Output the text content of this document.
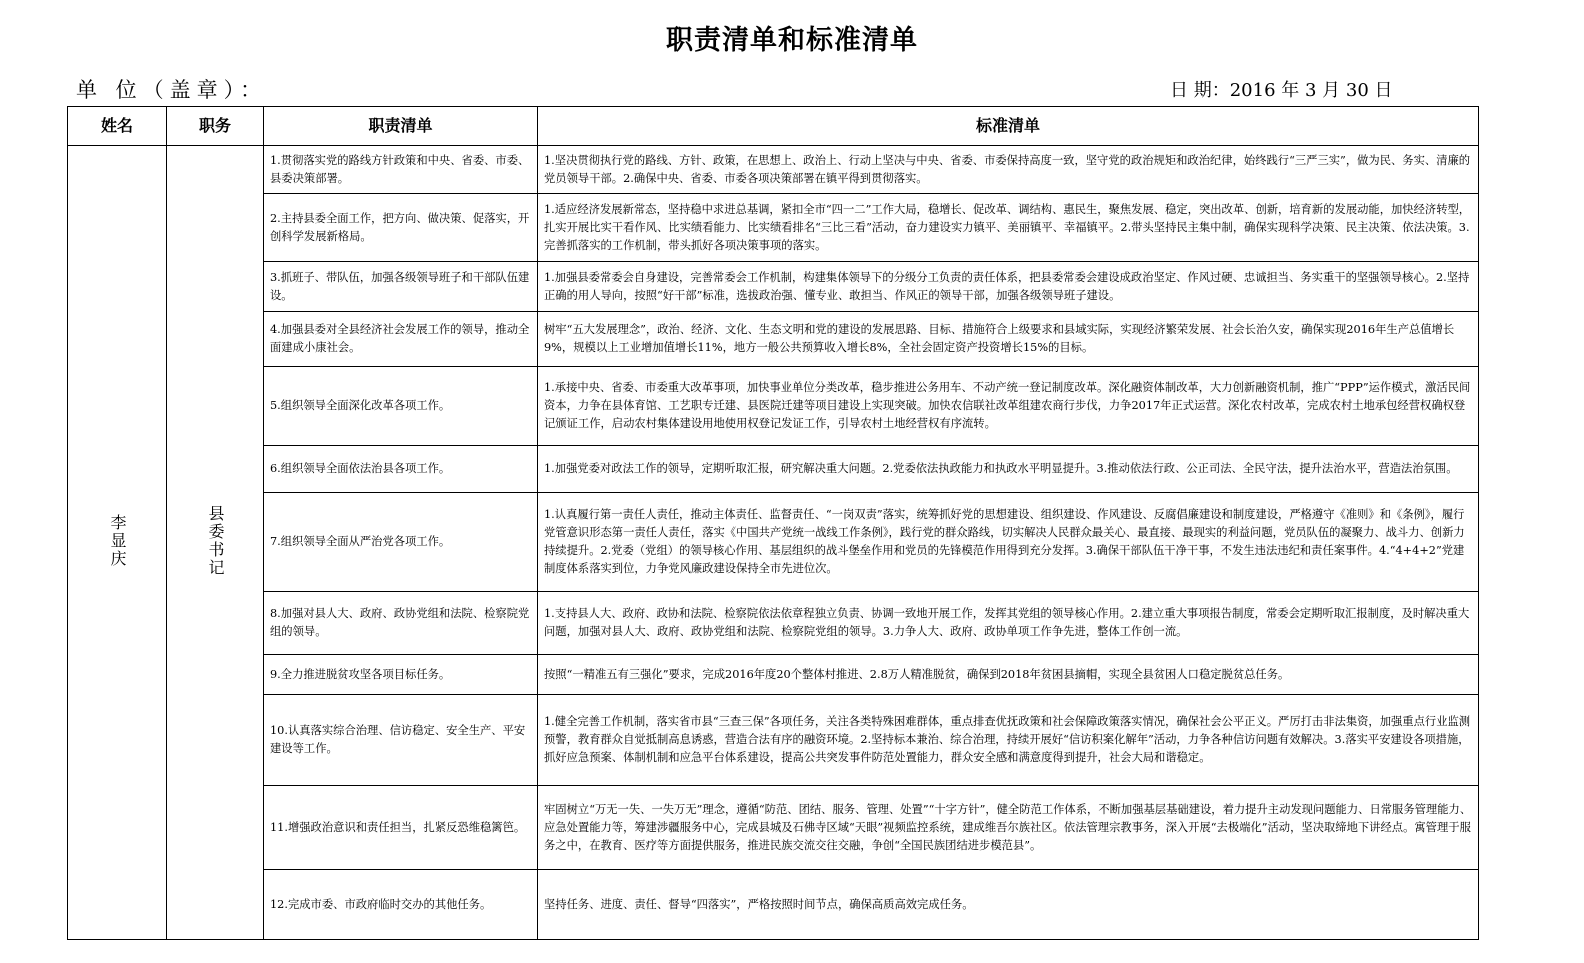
职责清单和标准清单
单 位（盖章）：	日 期：2016 年 3 月 30 日
姓名	职务	职责清单	标准清单
李显庆	县委书记	1.贯彻落实党的路线方针政策和中央、省委、市委、县委决策部署。	1.坚决贯彻执行党的路线、方针、政策，在思想上、政治上、行动上坚决与中央、省委、市委保持高度一致，坚守党的政治规矩和政治纪律，始终践行“三严三实”，做为民、务实、清廉的党员领导干部。2.确保中央、省委、市委各项决策部署在镇平得到贯彻落实。
		2.主持县委全面工作，把方向、做决策、促落实，开创科学发展新格局。	1.适应经济发展新常态，坚持稳中求进总基调，紧扣全市“四一二”工作大局，稳增长、促改革、调结构、惠民生，聚焦发展、稳定，突出改革、创新，培育新的发展动能，加快经济转型，扎实开展比实干看作风、比实绩看能力、比实绩看排名“三比三看”活动，奋力建设实力镇平、美丽镇平、幸福镇平。2.带头坚持民主集中制，确保实现科学决策、民主决策、依法决策。3.完善抓落实的工作机制，带头抓好各项决策事项的落实。
		3.抓班子、带队伍，加强各级领导班子和干部队伍建设。	1.加强县委常委会自身建设，完善常委会工作机制，构建集体领导下的分级分工负责的责任体系，把县委常委会建设成政治坚定、作风过硬、忠诚担当、务实重干的坚强领导核心。2.坚持正确的用人导向，按照“好干部”标准，选拔政治强、懂专业、敢担当、作风正的领导干部，加强各级领导班子建设。
		4.加强县委对全县经济社会发展工作的领导，推动全面建成小康社会。	树牢“五大发展理念”，政治、经济、文化、生态文明和党的建设的发展思路、目标、措施符合上级要求和县域实际，实现经济繁荣发展、社会长治久安，确保实现2016年生产总值增长9%，规模以上工业增加值增长11%，地方一般公共预算收入增长8%，全社会固定资产投资增长15%的目标。
		5.组织领导全面深化改革各项工作。	1.承接中央、省委、市委重大改革事项，加快事业单位分类改革，稳步推进公务用车、不动产统一登记制度改革。深化融资体制改革，大力创新融资机制，推广“PPP”运作模式，激活民间资本，力争在县体育馆、工艺职专迁建、县医院迁建等项目建设上实现突破。加快农信联社改革组建农商行步伐，力争2017年正式运营。深化农村改革，完成农村土地承包经营权确权登记颁证工作，启动农村集体建设用地使用权登记发证工作，引导农村土地经营权有序流转。
		6.组织领导全面依法治县各项工作。	1.加强党委对政法工作的领导，定期听取汇报，研究解决重大问题。2.党委依法执政能力和执政水平明显提升。3.推动依法行政、公正司法、全民守法，提升法治水平，营造法治氛围。
		7.组织领导全面从严治党各项工作。	1.认真履行第一责任人责任，推动主体责任、监督责任、“一岗双责”落实，统筹抓好党的思想建设、组织建设、作风建设、反腐倡廉建设和制度建设，严格遵守《准则》和《条例》，履行党管意识形态第一责任人责任，落实《中国共产党统一战线工作条例》，践行党的群众路线，切实解决人民群众最关心、最直接、最现实的利益问题，党员队伍的凝聚力、战斗力、创新力持续提升。2.党委（党组）的领导核心作用、基层组织的战斗堡垒作用和党员的先锋模范作用得到充分发挥。3.确保干部队伍干净干事，不发生违法违纪和责任案事件。4.“4+4+2”党建制度体系落实到位，力争党风廉政建设保持全市先进位次。
		8.加强对县人大、政府、政协党组和法院、检察院党组的领导。	1.支持县人大、政府、政协和法院、检察院依法依章程独立负责、协调一致地开展工作，发挥其党组的领导核心作用。2.建立重大事项报告制度，常委会定期听取汇报制度，及时解决重大问题，加强对县人大、政府、政协党组和法院、检察院党组的领导。3.力争人大、政府、政协单项工作争先进，整体工作创一流。
		9.全力推进脱贫攻坚各项目标任务。	按照“一精准五有三强化”要求，完成2016年度20个整体村推进、2.8万人精准脱贫，确保到2018年贫困县摘帽，实现全县贫困人口稳定脱贫总任务。
		10.认真落实综合治理、信访稳定、安全生产、平安建设等工作。	1.健全完善工作机制，落实省市县“三查三保”各项任务，关注各类特殊困难群体，重点排查优抚政策和社会保障政策落实情况，确保社会公平正义。严厉打击非法集资，加强重点行业监测预警，教育群众自觉抵制高息诱惑，营造合法有序的融资环境。2.坚持标本兼治、综合治理，持续开展好“信访积案化解年”活动，力争各种信访问题有效解决。3.落实平安建设各项措施，抓好应急预案、体制机制和应急平台体系建设，提高公共突发事件防范处置能力，群众安全感和满意度得到提升，社会大局和谐稳定。
		11.增强政治意识和责任担当，扎紧反恐维稳篱笆。	牢固树立“万无一失、一失万无”理念，遵循“防范、团结、服务、管理、处置”“十字方针”，健全防范工作体系，不断加强基层基础建设，着力提升主动发现问题能力、日常服务管理能力、应急处置能力等，筹建涉疆服务中心，完成县城及石佛寺区域“天眼”视频监控系统，建成维吾尔族社区。依法管理宗教事务，深入开展“去极端化”活动，坚决取缔地下讲经点。寓管理于服务之中，在教育、医疗等方面提供服务，推进民族交流交往交融，争创“全国民族团结进步模范县”。
		12.完成市委、市政府临时交办的其他任务。	坚持任务、进度、责任、督导“四落实”，严格按照时间节点，确保高质高效完成任务。
